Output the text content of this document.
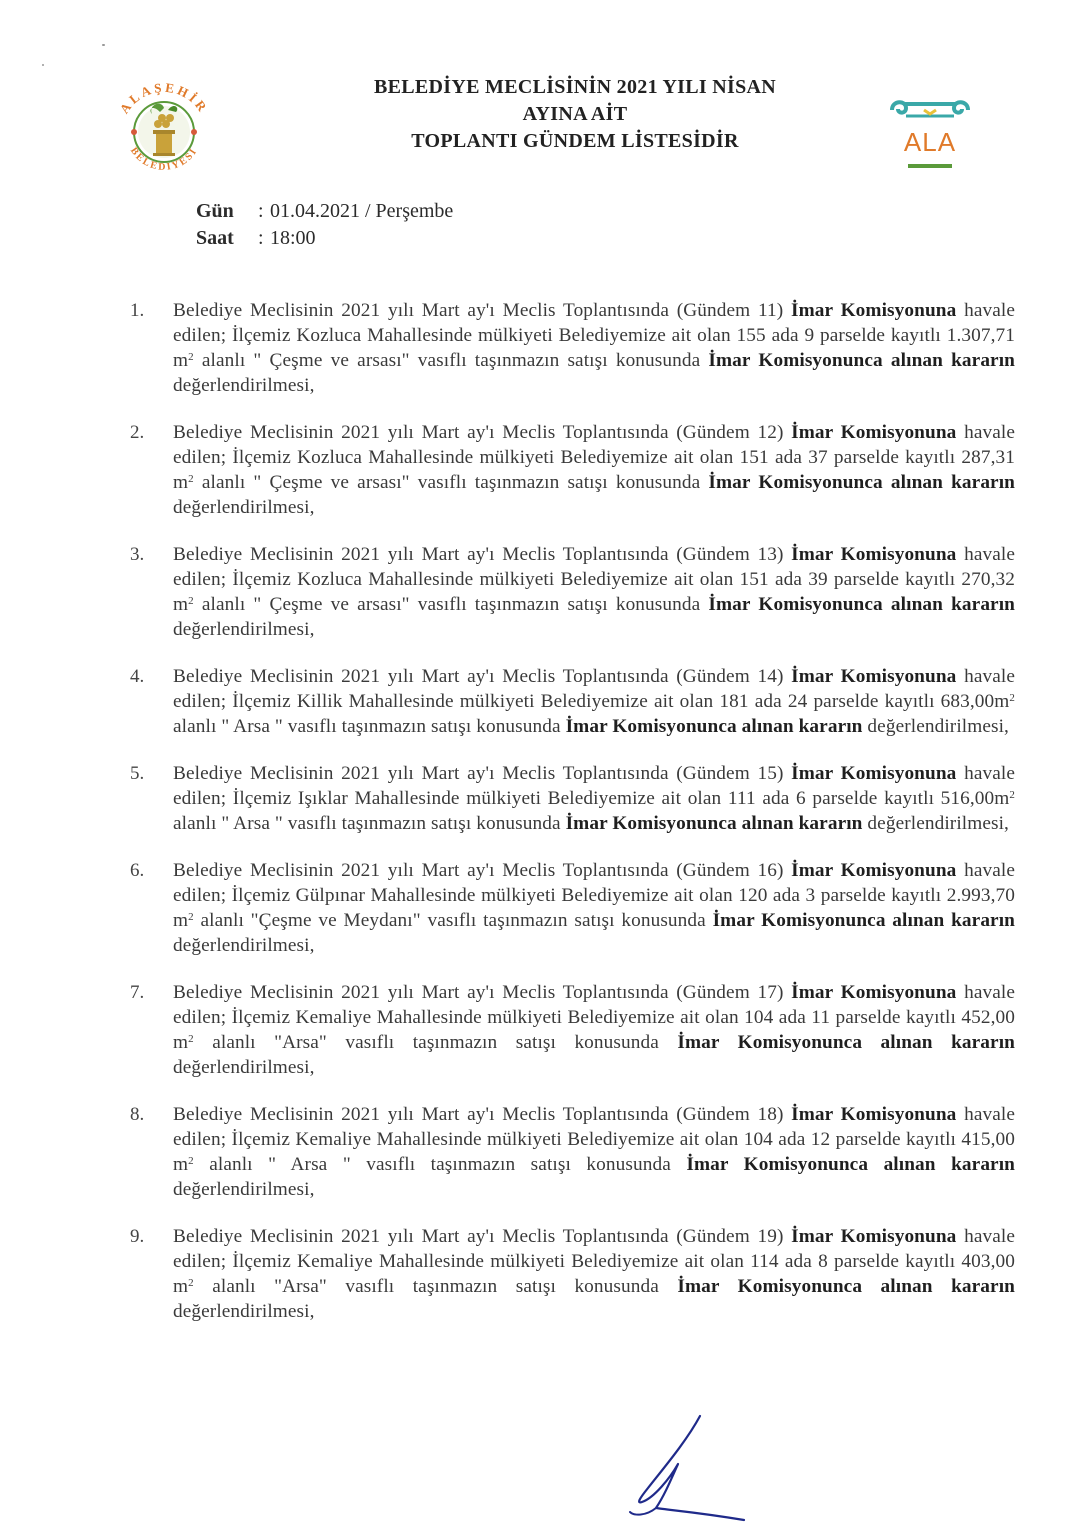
ALAŞEHİR
BELEDİYESİ
BELEDİYE MECLİSİNİN 2021 YILI NİSAN
AYINA AİT
TOPLANTI GÜNDEM LİSTESİDİR	ALA
Gün	: 01.04.2021 / Perşembe
Saat	: 18:00
1. Belediye Meclisinin 2021 yılı Mart ay'ı Meclis Toplantısında (Gündem 11) İmar Komisyonuna havale edilen; İlçemiz Kozluca Mahallesinde mülkiyeti Belediyemize ait olan 155 ada 9 parselde kayıtlı 1.307,71 $m^2$ alanlı " Çeşme ve arsası" vasıflı taşınmazın satışı konusunda İmar Komisyonunca alınan kararın değerlendirilmesi,
2. Belediye Meclisinin 2021 yılı Mart ay'ı Meclis Toplantısında (Gündem 12) İmar Komisyonuna havale edilen; İlçemiz Kozluca Mahallesinde mülkiyeti Belediyemize ait olan 151 ada 37 parselde kayıtlı 287,31 $m^2$ alanlı " Çeşme ve arsası" vasıflı taşınmazın satışı konusunda İmar Komisyonunca alınan kararın değerlendirilmesi,
3. Belediye Meclisinin 2021 yılı Mart ay'ı Meclis Toplantısında (Gündem 13) İmar Komisyonuna havale edilen; İlçemiz Kozluca Mahallesinde mülkiyeti Belediyemize ait olan 151 ada 39 parselde kayıtlı 270,32 $m^2$ alanlı " Çeşme ve arsası" vasıflı taşınmazın satışı konusunda İmar Komisyonunca alınan kararın değerlendirilmesi,
4. Belediye Meclisinin 2021 yılı Mart ay'ı Meclis Toplantısında (Gündem 14) İmar Komisyonuna havale edilen; İlçemiz Killik Mahallesinde mülkiyeti Belediyemize ait olan 181 ada 24 parselde kayıtlı $683,00m^2$ alanlı " Arsa " vasıflı taşınmazın satışı konusunda İmar Komisyonunca alınan kararın değerlendirilmesi,
5. Belediye Meclisinin 2021 yılı Mart ay'ı Meclis Toplantısında (Gündem 15) İmar Komisyonuna havale edilen; İlçemiz Işıklar Mahallesinde mülkiyeti Belediyemize ait olan 111 ada 6 parselde kayıtlı $516,00m^2$ alanlı " Arsa " vasıflı taşınmazın satışı konusunda İmar Komisyonunca alınan kararın değerlendirilmesi,
6. Belediye Meclisinin 2021 yılı Mart ay'ı Meclis Toplantısında (Gündem 16) İmar Komisyonuna havale edilen; İlçemiz Gülpınar Mahallesinde mülkiyeti Belediyemize ait olan 120 ada 3 parselde kayıtlı 2.993,70 $m^2$ alanlı "Çeşme ve Meydanı" vasıflı taşınmazın satışı konusunda İmar Komisyonunca alınan kararın değerlendirilmesi,
7. Belediye Meclisinin 2021 yılı Mart ay'ı Meclis Toplantısında (Gündem 17) İmar Komisyonuna havale edilen; İlçemiz Kemaliye Mahallesinde mülkiyeti Belediyemize ait olan 104 ada 11 parselde kayıtlı 452,00 $m^2$ alanlı "Arsa" vasıflı taşınmazın satışı konusunda İmar Komisyonunca alınan kararın değerlendirilmesi,
8. Belediye Meclisinin 2021 yılı Mart ay'ı Meclis Toplantısında (Gündem 18) İmar Komisyonuna havale edilen; İlçemiz Kemaliye Mahallesinde mülkiyeti Belediyemize ait olan 104 ada 12 parselde kayıtlı 415,00 $m^2$ alanlı " Arsa " vasıflı taşınmazın satışı konusunda İmar Komisyonunca alınan kararın değerlendirilmesi,
9. Belediye Meclisinin 2021 yılı Mart ay'ı Meclis Toplantısında (Gündem 19) İmar Komisyonuna havale edilen; İlçemiz Kemaliye Mahallesinde mülkiyeti Belediyemize ait olan 114 ada 8 parselde kayıtlı 403,00 $m^2$ alanlı "Arsa" vasıflı taşınmazın satışı konusunda İmar Komisyonunca alınan kararın değerlendirilmesi,
